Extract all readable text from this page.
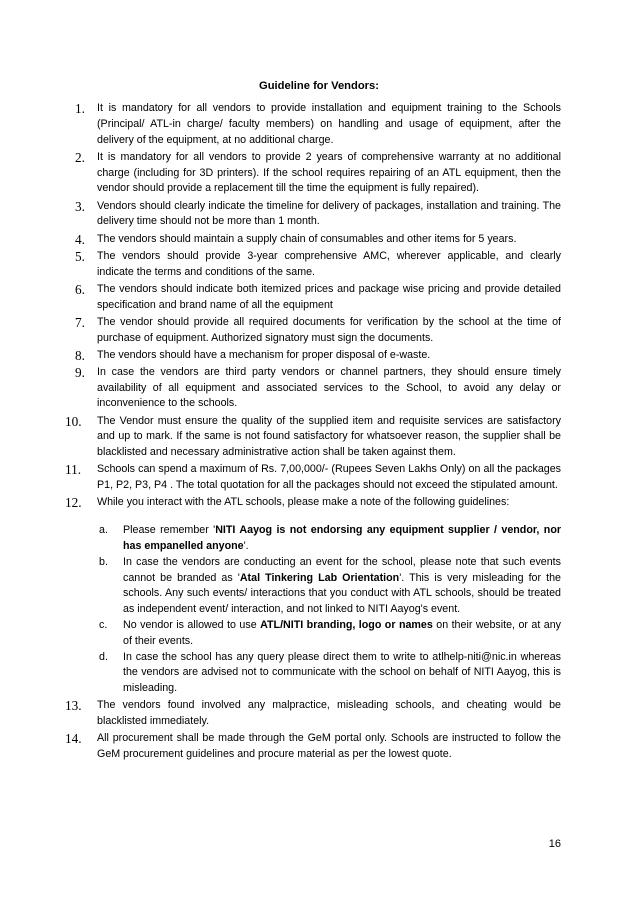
Guideline for Vendors:
1. It is mandatory for all vendors to provide installation and equipment training to the Schools (Principal/ ATL-in charge/ faculty members) on handling and usage of equipment, after the delivery of the equipment, at no additional charge.
2. It is mandatory for all vendors to provide 2 years of comprehensive warranty at no additional charge (including for 3D printers). If the school requires repairing of an ATL equipment, then the vendor should provide a replacement till the time the equipment is fully repaired).
3. Vendors should clearly indicate the timeline for delivery of packages, installation and training. The delivery time should not be more than 1 month.
4. The vendors should maintain a supply chain of consumables and other items for 5 years.
5. The vendors should provide 3-year comprehensive AMC, wherever applicable, and clearly indicate the terms and conditions of the same.
6. The vendors should indicate both itemized prices and package wise pricing and provide detailed specification and brand name of all the equipment
7. The vendor should provide all required documents for verification by the school at the time of purchase of equipment. Authorized signatory must sign the documents.
8. The vendors should have a mechanism for proper disposal of e-waste.
9. In case the vendors are third party vendors or channel partners, they should ensure timely availability of all equipment and associated services to the School, to avoid any delay or inconvenience to the schools.
10. The Vendor must ensure the quality of the supplied item and requisite services are satisfactory and up to mark. If the same is not found satisfactory for whatsoever reason, the supplier shall be blacklisted and necessary administrative action shall be taken against them.
11. Schools can spend a maximum of Rs. 7,00,000/- (Rupees Seven Lakhs Only) on all the packages P1, P2, P3, P4 . The total quotation for all the packages should not exceed the stipulated amount.
12. While you interact with the ATL schools, please make a note of the following guidelines:
a. Please remember 'NITI Aayog is not endorsing any equipment supplier / vendor, nor has empanelled anyone'.
b. In case the vendors are conducting an event for the school, please note that such events cannot be branded as 'Atal Tinkering Lab Orientation'. This is very misleading for the schools. Any such events/ interactions that you conduct with ATL schools, should be treated as independent event/ interaction, and not linked to NITI Aayog's event.
c. No vendor is allowed to use ATL/NITI branding, logo or names on their website, or at any of their events.
d. In case the school has any query please direct them to write to atlhelp-niti@nic.in whereas the vendors are advised not to communicate with the school on behalf of NITI Aayog, this is misleading.
13. The vendors found involved any malpractice, misleading schools, and cheating would be blacklisted immediately.
14. All procurement shall be made through the GeM portal only. Schools are instructed to follow the GeM procurement guidelines and procure material as per the lowest quote.
16
